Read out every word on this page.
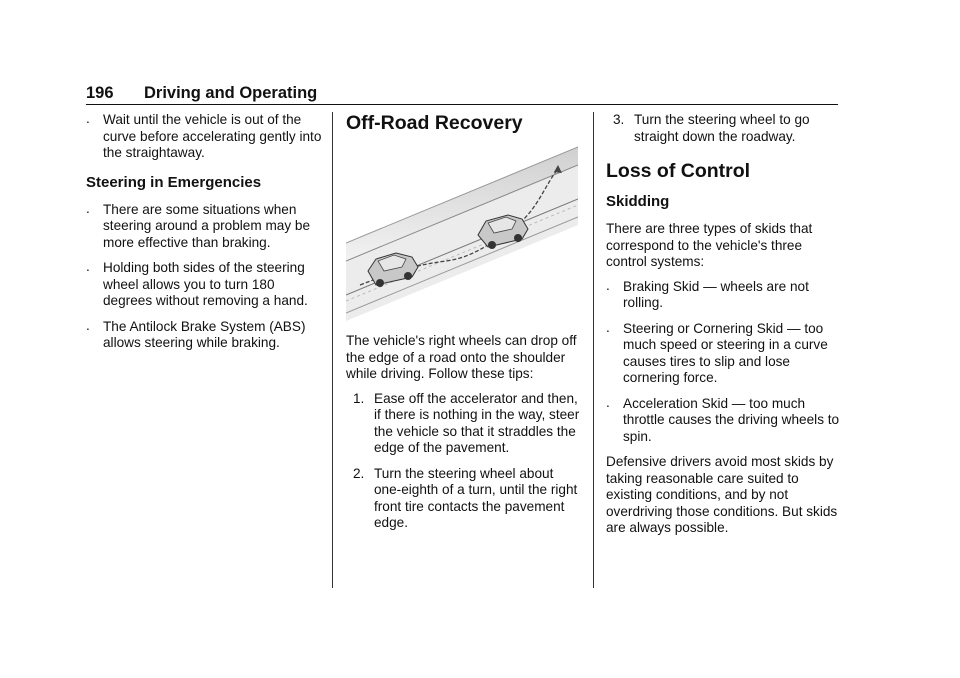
196 Driving and Operating
. Wait until the vehicle is out of the curve before accelerating gently into the straightaway.
Steering in Emergencies
. There are some situations when steering around a problem may be more effective than braking.
. Holding both sides of the steering wheel allows you to turn 180 degrees without removing a hand.
. The Antilock Brake System (ABS) allows steering while braking.
Off-Road Recovery

The vehicle's right wheels can drop off the edge of a road onto the shoulder while driving. Follow these tips:

1. Ease off the accelerator and then, if there is nothing in the way, steer the vehicle so that it straddles the edge of the pavement.
2. Turn the steering wheel about one-eighth of a turn, until the right front tire contacts the pavement edge.
3. Turn the steering wheel to go straight down the roadway.
Loss of Control
Skidding

There are three types of skids that correspond to the vehicle's three control systems:

. Braking Skid — wheels are not rolling.
. Steering or Cornering Skid — too much speed or steering in a curve causes tires to slip and lose cornering force.
. Acceleration Skid — too much throttle causes the driving wheels to spin.

Defensive drivers avoid most skids by taking reasonable care suited to existing conditions, and by not overdriving those conditions. But skids are always possible.
